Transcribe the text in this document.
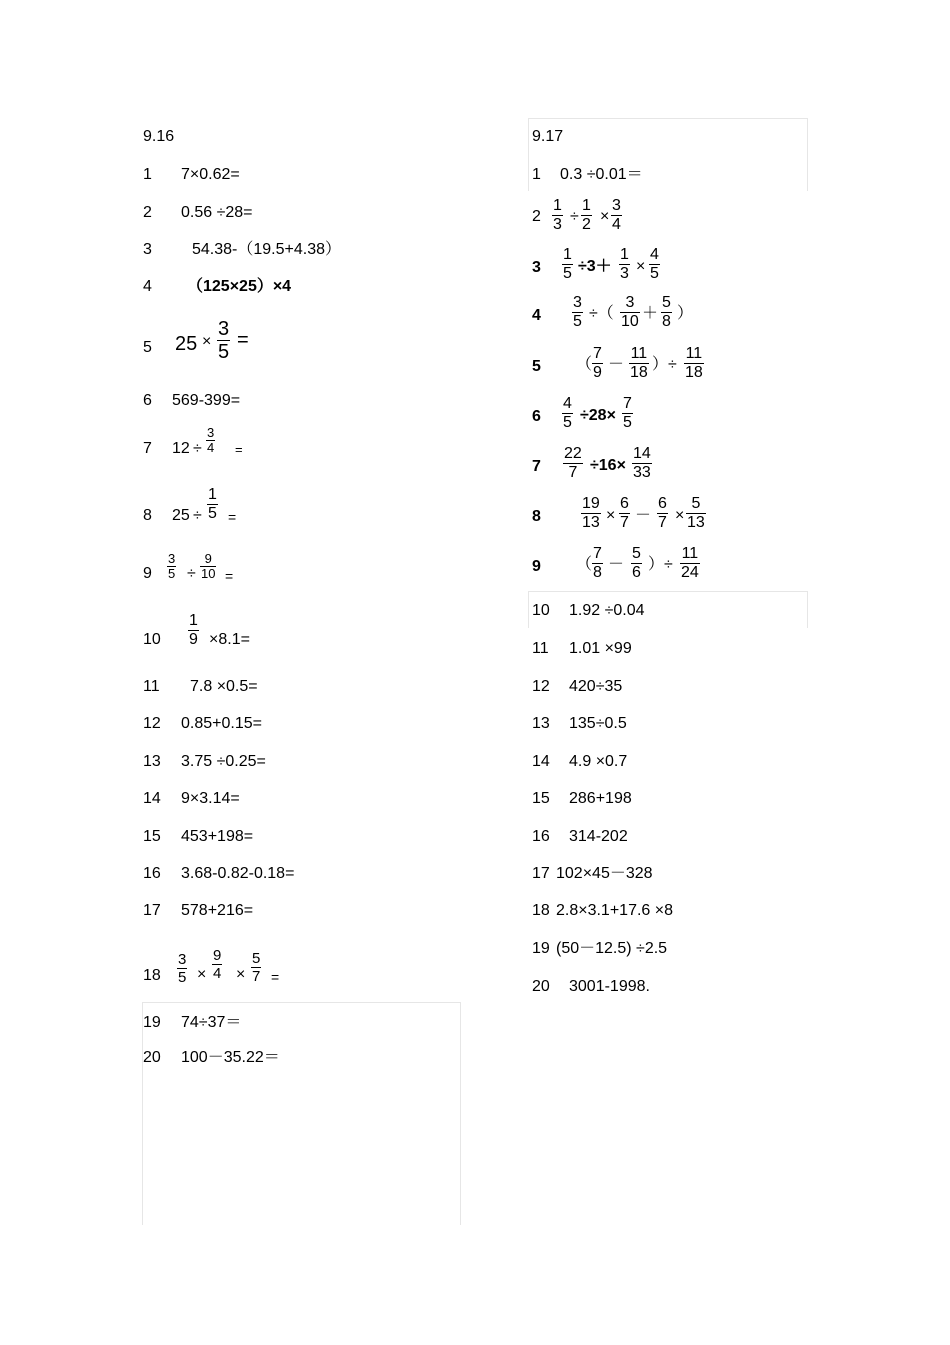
9.16
1 7×0.62=
2 0.56 ÷28=
3	54.38-（19.5+4.38）
4 （125×25）×4
5 $25 \times \frac{3}{5}$ =
6 569-399=
7 $12 \div \frac{3}{4}$ =
8 $25 \div \frac{1}{5}$ =
$9 \frac{3}{5} \div \frac{9}{10}$ =
$10 \frac{1}{9} \times 8.1=$
11 7.8 ×0.5=
12 0.85+0.15=
13 3.75 ÷0.25=
14 9×3.14=
15 453+198=
16 3.68-0.82-0.18=
17 578+216=
$18 \frac{3}{5} \times \frac{9}{4} \times \frac{5}{7}$ =
19 74÷37＝
20 100－35.22＝
9.17
1 0.3 ÷0.01＝
$2 \frac{1}{3} \div \frac{1}{2} \times \frac{3}{4}$
$3 \frac{1}{5} \div 3+ \frac{1}{3} \times \frac{4}{5}$
$4 \frac{3}{5}$ ÷（ $\frac{3}{10} + \frac{5}{8}$ ）
5 （ $\frac{7}{9} - \frac{11}{18}$ ）÷ $\frac{11}{18}$
$6 \frac{4}{5} \div 28\times \frac{7}{5}$
$7 \frac{22}{7} \div 16\times \frac{14}{33}$
8	$\frac{19}{13} \times \frac{6}{7} - \frac{6}{7} \times \frac{5}{13}$
9 （ $\frac{7}{8} - \frac{5}{6}$ ）÷ $\frac{11}{24}$
10 1.92 ÷0.04
11 1.01 ×99
12 420÷35
13 135÷0.5
14 4.9 ×0.7
15 286+198
16 314-202
17 102×45－328
18 2.8×3.1+17.6 ×8
19 (50－12.5) ÷2.5
20 3001-1998.
